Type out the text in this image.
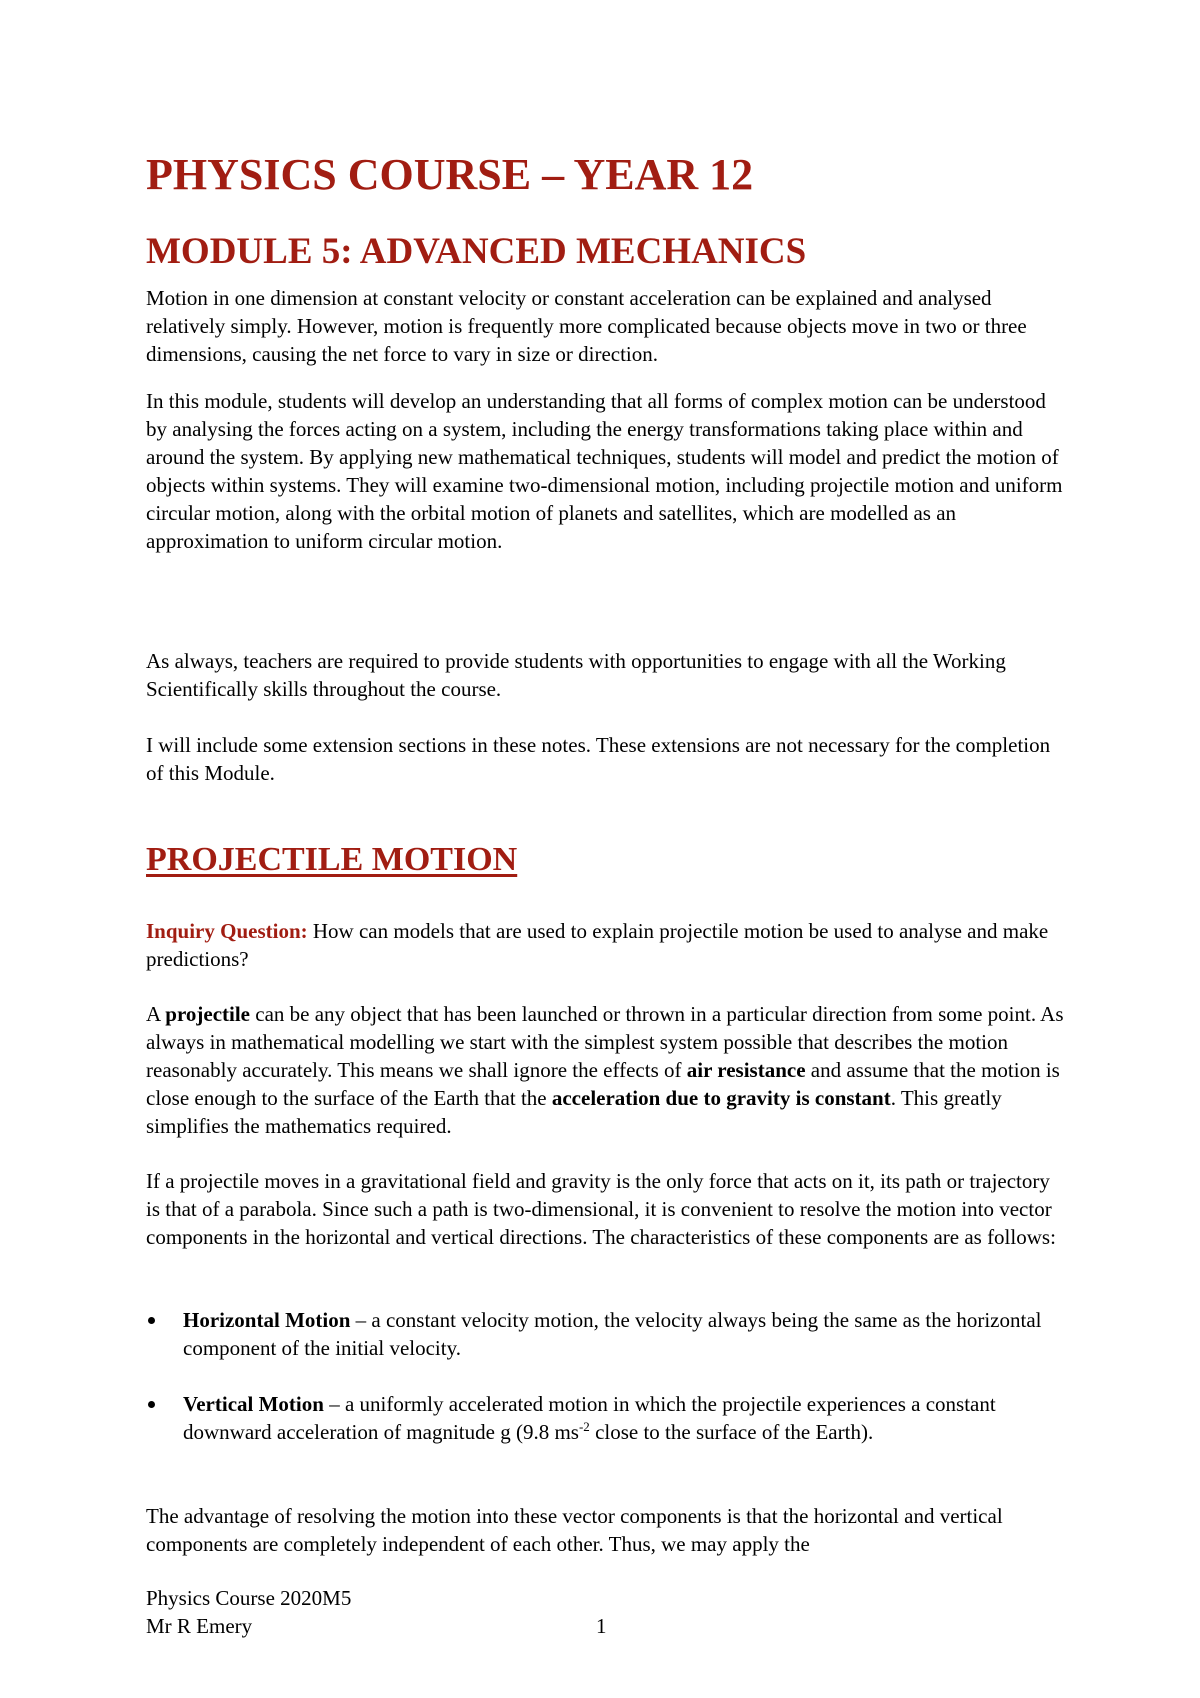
PHYSICS COURSE – YEAR 12
MODULE 5: ADVANCED MECHANICS

Motion in one dimension at constant velocity or constant acceleration can be explained and analysed relatively simply. However, motion is frequently more complicated because objects move in two or three dimensions, causing the net force to vary in size or direction.

In this module, students will develop an understanding that all forms of complex motion can be understood by analysing the forces acting on a system, including the energy transformations taking place within and around the system. By applying new mathematical techniques, students will model and predict the motion of objects within systems. They will examine two-dimensional motion, including projectile motion and uniform circular motion, along with the orbital motion of planets and satellites, which are modelled as an approximation to uniform circular motion.

As always, teachers are required to provide students with opportunities to engage with all the Working Scientifically skills throughout the course.

I will include some extension sections in these notes. These extensions are not necessary for the completion of this Module.

PROJECTILE MOTION

Inquiry Question: How can models that are used to explain projectile motion be used to analyse and make predictions?

A projectile can be any object that has been launched or thrown in a particular direction from some point. As always in mathematical modelling we start with the simplest system possible that describes the motion reasonably accurately. This means we shall ignore the effects of air resistance and assume that the motion is close enough to the surface of the Earth that the acceleration due to gravity is constant. This greatly simplifies the mathematics required.

If a projectile moves in a gravitational field and gravity is the only force that acts on it, its path or trajectory is that of a parabola. Since such a path is two-dimensional, it is convenient to resolve the motion into vector components in the horizontal and vertical directions. The characteristics of these components are as follows:

Horizontal Motion – a constant velocity motion, the velocity always being the same as the horizontal component of the initial velocity.
Vertical Motion – a uniformly accelerated motion in which the projectile experiences a constant downward acceleration of magnitude g (9.8 $ms^{-2}$ close to the surface of the Earth).

The advantage of resolving the motion into these vector components is that the horizontal and vertical components are completely independent of each other. Thus, we may apply the

Physics Course 2020M5
Mr R Emery	1
